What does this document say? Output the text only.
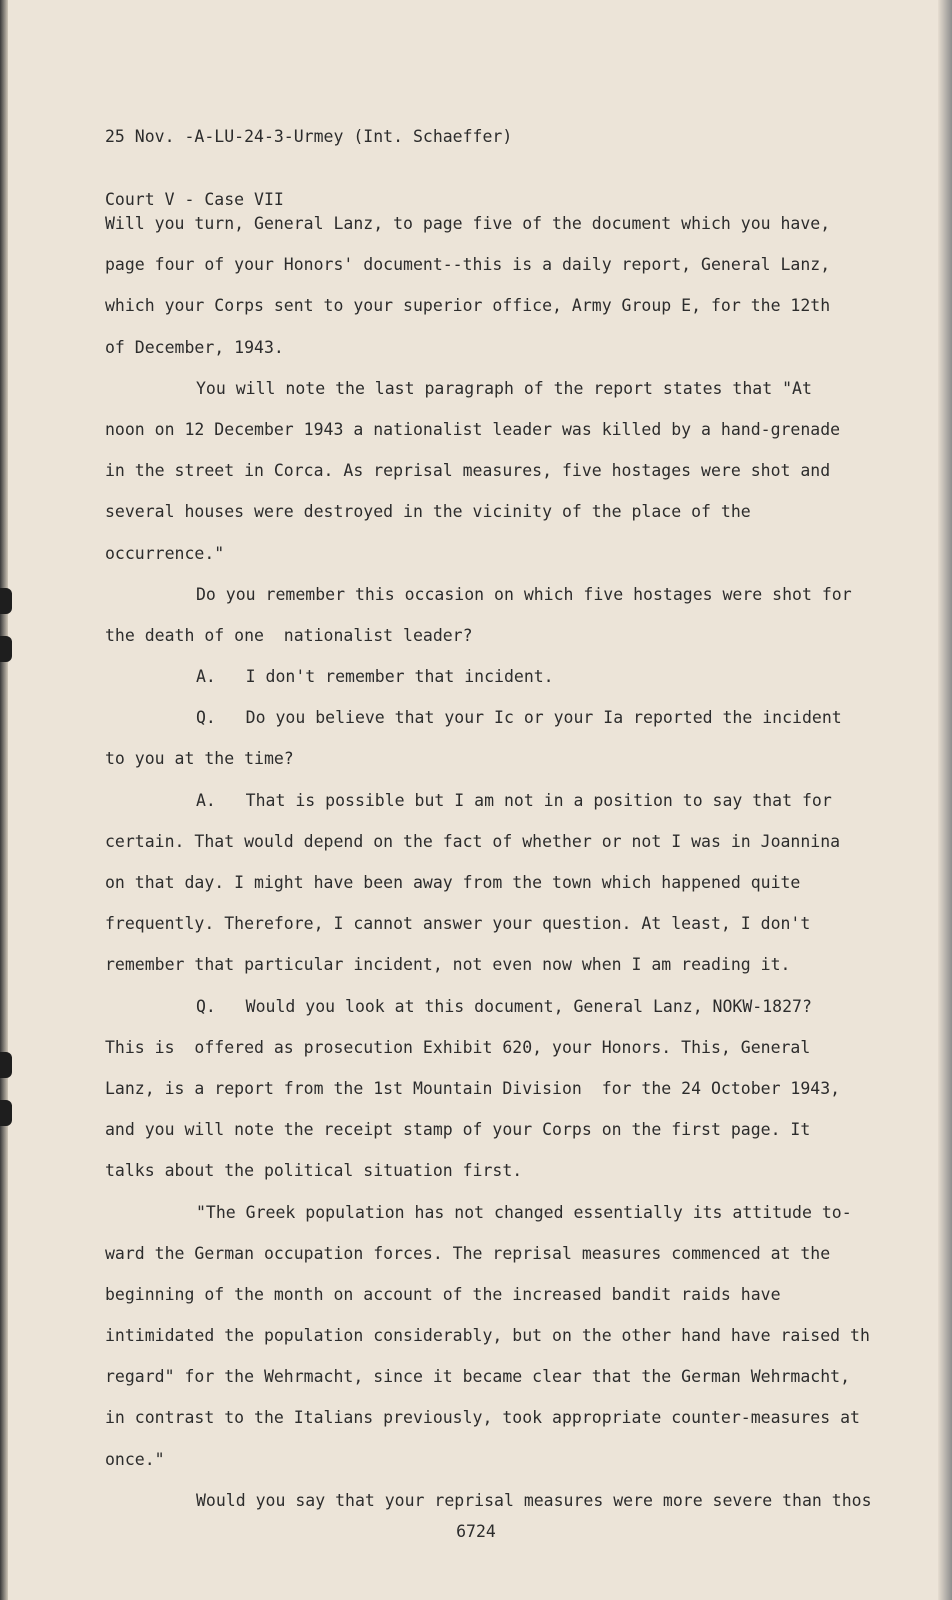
25 Nov. -A-LU-24-3-Urmey (Int. Schaeffer)

Court V - Case VII

Will you turn, General Lanz, to page five of the document which you have,
page four of your Honors' document--this is a daily report, General Lanz,
which your Corps sent to your superior office, Army Group E, for the 12th
of December, 1943.
You will note the last paragraph of the report states that "At
noon on 12 December 1943 a nationalist leader was killed by a hand-grenade
in the street in Corca. As reprisal measures, five hostages were shot and
several houses were destroyed in the vicinity of the place of the
occurrence."
Do you remember this occasion on which five hostages were shot for
the death of one  nationalist leader?
A.   I don't remember that incident.
Q.   Do you believe that your Ic or your Ia reported the incident
to you at the time?
A.   That is possible but I am not in a position to say that for
certain. That would depend on the fact of whether or not I was in Joannina
on that day. I might have been away from the town which happened quite
frequently. Therefore, I cannot answer your question. At least, I don't
remember that particular incident, not even now when I am reading it.
Q.   Would you look at this document, General Lanz, NOKW-1827?
This is  offered as prosecution Exhibit 620, your Honors. This, General
Lanz, is a report from the 1st Mountain Division  for the 24 October 1943,
and you will note the receipt stamp of your Corps on the first page. It
talks about the political situation first.
"The Greek population has not changed essentially its attitude to-
ward the German occupation forces. The reprisal measures commenced at the
beginning of the month on account of the increased bandit raids have
intimidated the population considerably, but on the other hand have raised th
regard" for the Wehrmacht, since it became clear that the German Wehrmacht,
in contrast to the Italians previously, took appropriate counter-measures at
once."
Would you say that your reprisal measures were more severe than thos
6724
